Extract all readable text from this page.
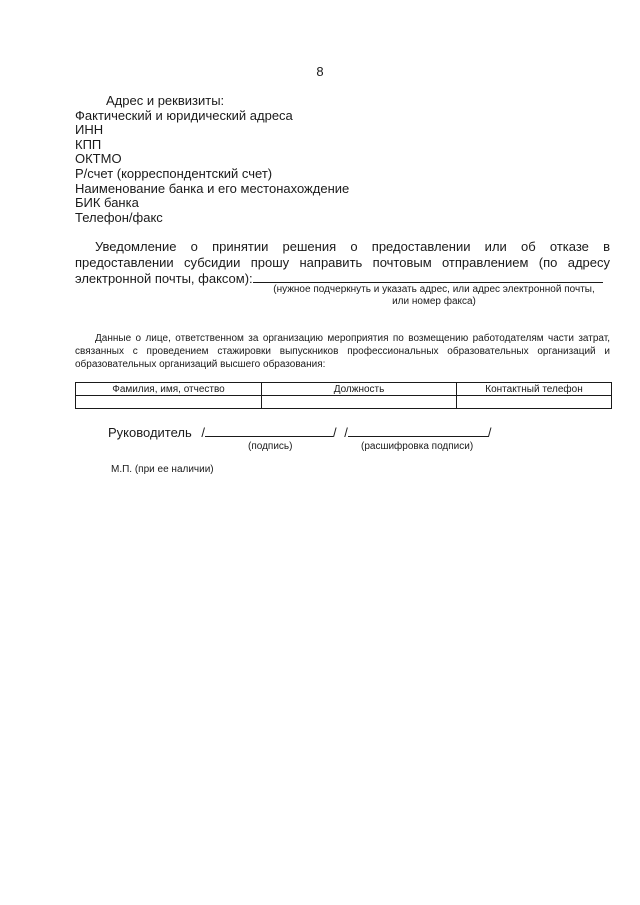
8
Адрес и реквизиты:
Фактический и юридический адреса
ИНН
КПП
ОКТМО
Р/счет (корреспондентский счет)
Наименование банка и его местонахождение
БИК банка
Телефон/факс
Уведомление о принятии решения о предоставлении или об отказе в предоставлении субсидии прошу направить почтовым отправлением (по адресу электронной почты, факсом):
(нужное подчеркнуть и указать адрес, или адрес электронной почты,
или номер факса)
Данные о лице, ответственном за организацию мероприятия по возмещению работодателям части затрат, связанных с проведением стажировки выпускников профессиональных образовательных организаций и образовательных организаций высшего образования:
Фамилия, имя, отчество	Должность	Контактный телефон

Руководитель /	/ /	/
(подпись)	(расшифровка подписи)
М.П. (при ее наличии)
